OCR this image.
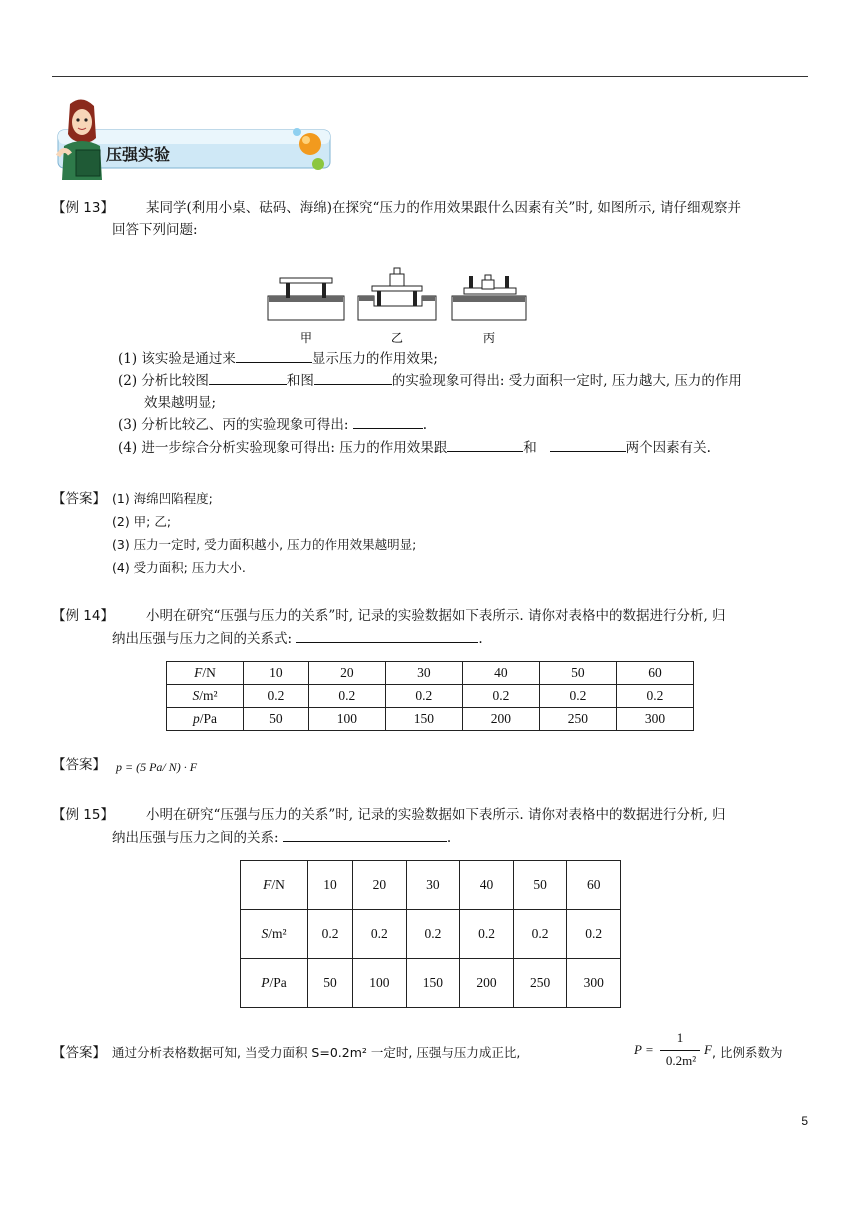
压强实验
【例 13】 某同学(利用小桌、砝码、海绵)在探究“压力的作用效果跟什么因素有关”时, 如图所示, 请仔细观察并
回答下列问题:
甲	乙	丙
(1) 该实验是通过来	显示压力的作用效果;
(2) 分析比较图	和图	的实验现象可得出: 受力面积一定时, 压力越大, 压力的作用
效果越明显;
(3) 分析比较乙、丙的实验现象可得出:	.
(4) 进一步综合分析实验现象可得出: 压力的作用效果跟	和	两个因素有关.
【答案】 (1) 海绵凹陷程度;
(2) 甲; 乙;
(3) 压力一定时, 受力面积越小, 压力的作用效果越明显;
(4) 受力面积; 压力大小.
【例 14】 小明在研究“压强与压力的关系”时, 记录的实验数据如下表所示. 请你对表格中的数据进行分析, 归
纳出压强与压力之间的关系式:	.
F/N	10	20	30	40	50	60
S/m²	0.2	0.2	0.2	0.2	0.2	0.2
p/Pa	50	100	150	200	250	300
【答案】 p = (5 Pa/ N) · F
【例 15】 小明在研究“压强与压力的关系”时, 记录的实验数据如下表所示. 请你对表格中的数据进行分析, 归
纳出压强与压力之间的关系:	.
F/N	10	20	30	40	50	60
S/m²	0.2	0.2	0.2	0.2	0.2	0.2
P/Pa	50	100	150	200	250	300
【答案】 通过分析表格数据可知, 当受力面积 S=0.2m² 一定时, 压强与压力成正比,	P =
1
0.2m²
F , 比例系数为
5
